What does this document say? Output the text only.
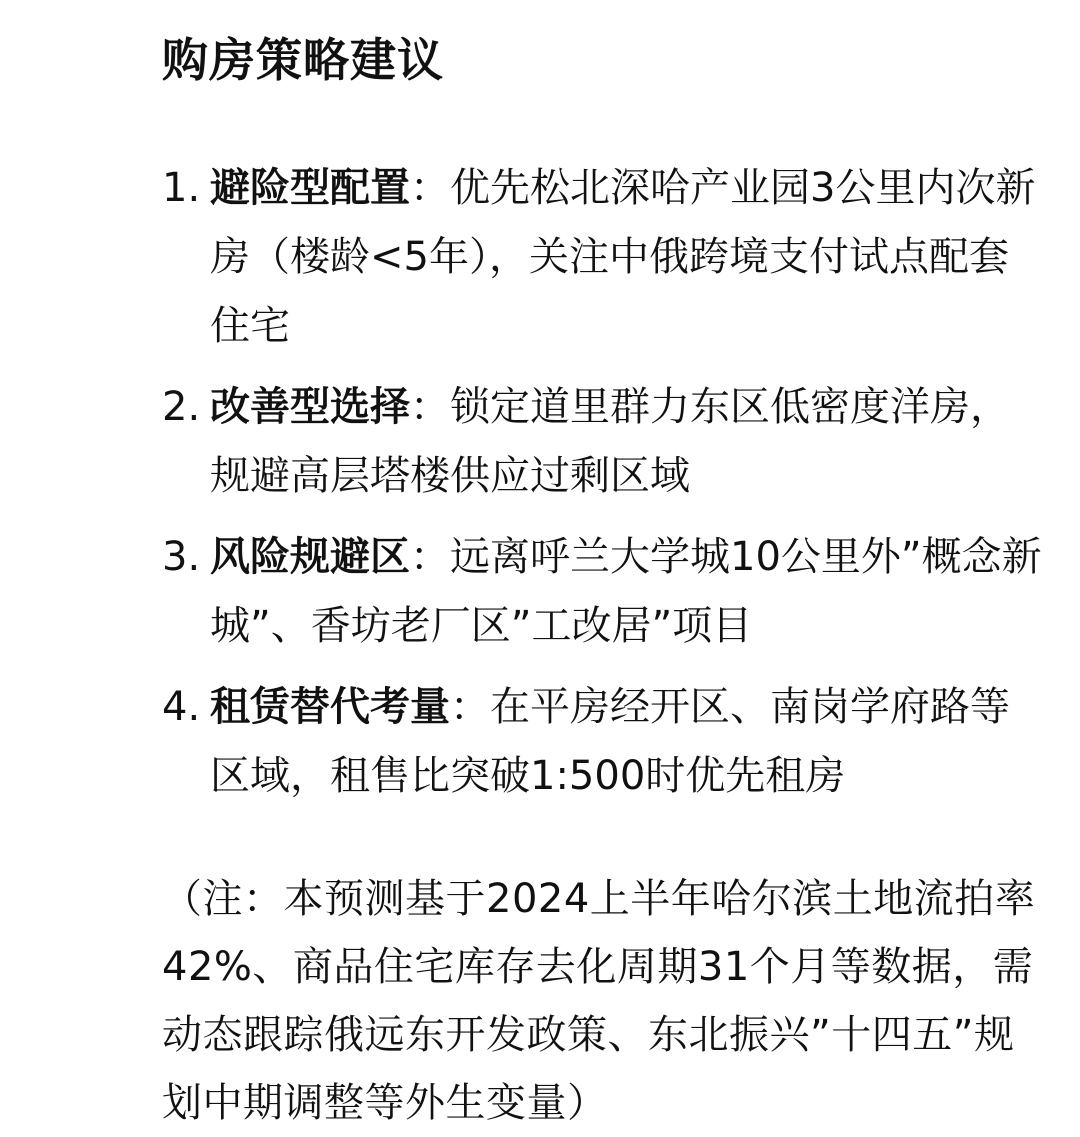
购房策略建议
1. 避险型配置：优先松北深哈产业园3公里内次新房（楼龄<5年），关注中俄跨境支付试点配套住宅
2. 改善型选择：锁定道里群力东区低密度洋房，规避高层塔楼供应过剩区域
3. 风险规避区：远离呼兰大学城10公里外”概念新城”、香坊老厂区”工改居”项目
4. 租赁替代考量：在平房经开区、南岗学府路等区域，租售比突破1:500时优先租房

（注：本预测基于2024上半年哈尔滨土地流拍率42%、商品住宅库存去化周期31个月等数据，需动态跟踪俄远东开发政策、东北振兴”十四五”规划中期调整等外生变量）
